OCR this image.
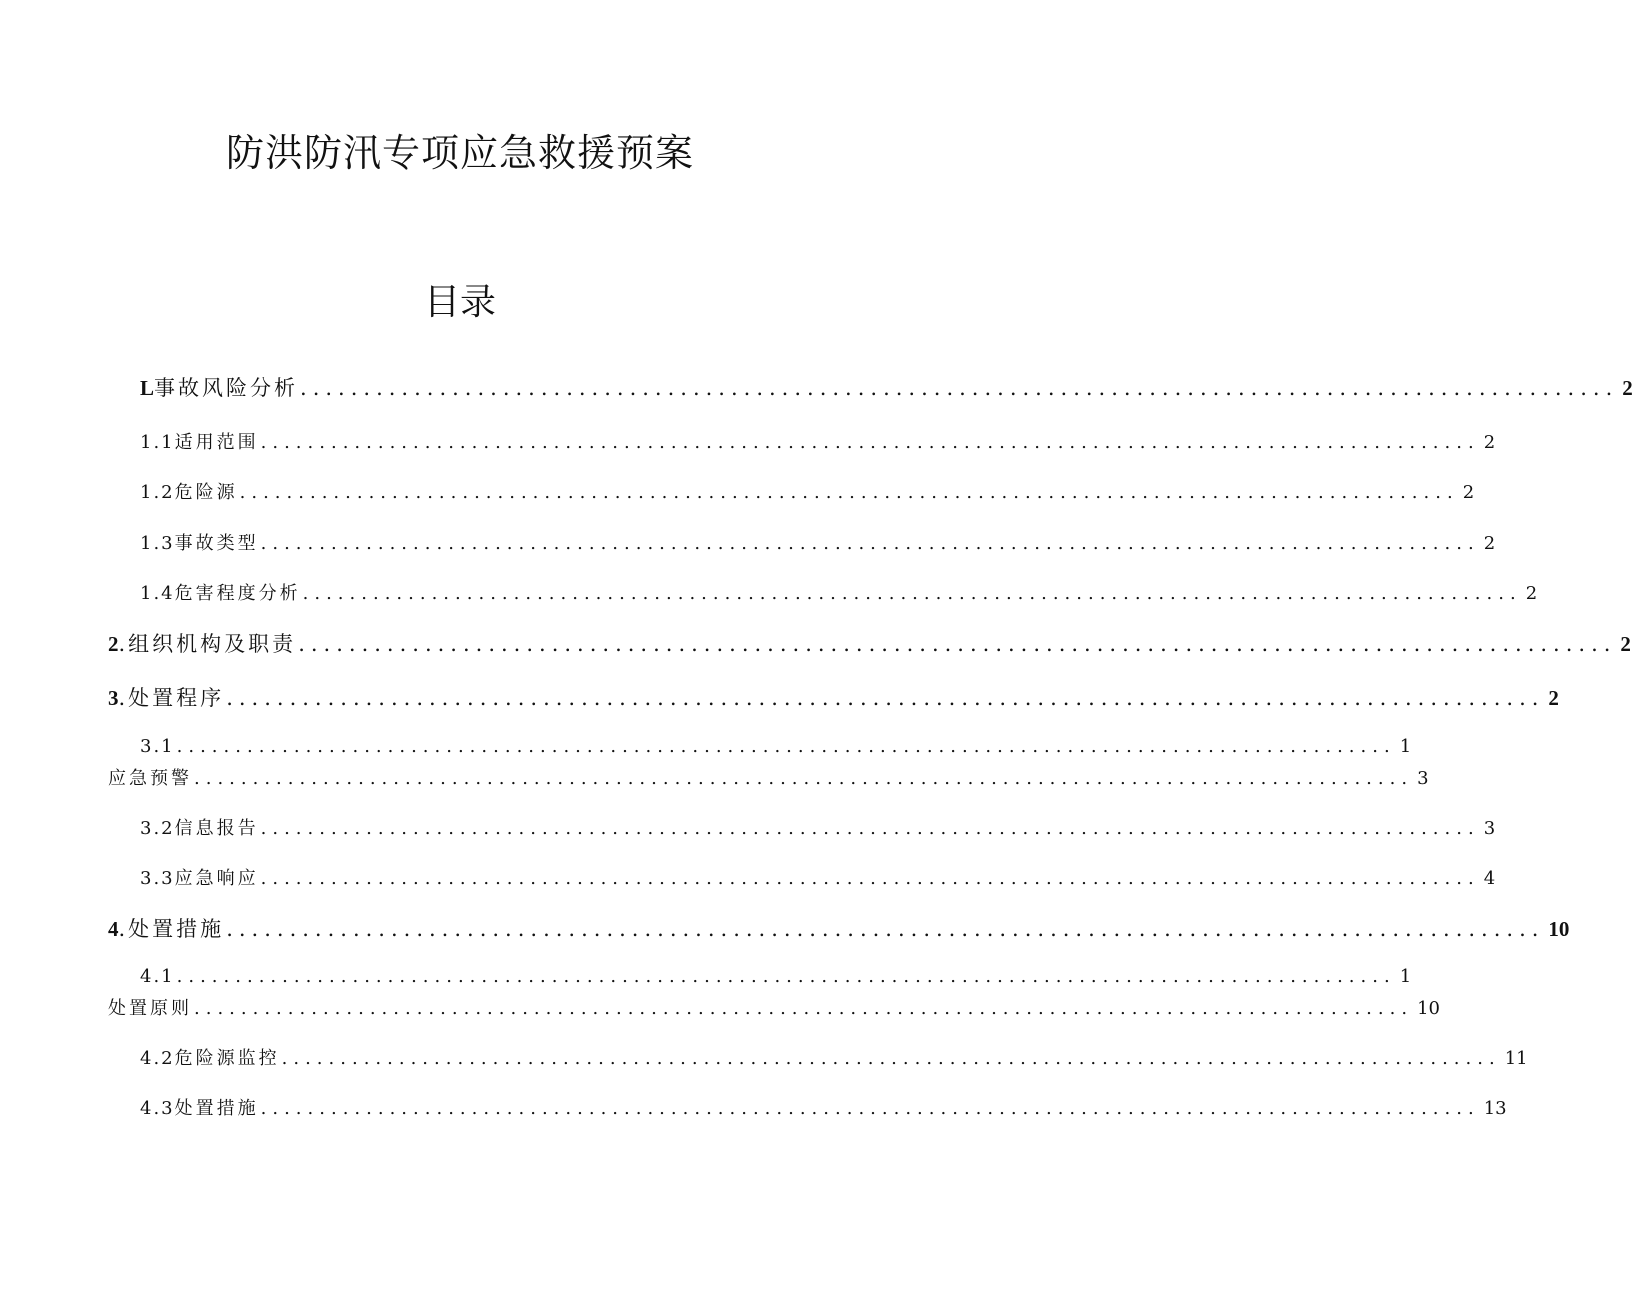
防洪防汛专项应急救援预案
目录
L 事故风险分析 ........................................................................................................ 2
1.1 适用范围 ........................................................................................................ 2
1.2 危险源 ........................................................................................................ 2
1.3 事故类型 ........................................................................................................ 2
1.4 危害程度分析 ........................................................................................................ 2
2 .组织机构及职责 ........................................................................................................ 2
3 .处置程序 ........................................................................................................ 2
3.1 ........................................................................................................ 1
应急预警 ........................................................................................................ 3
3.2 信息报告 ........................................................................................................ 3
3.3 应急响应 ........................................................................................................ 4
4 .处置措施 ........................................................................................................ 10
4.1 ........................................................................................................ 1
处置原则 ........................................................................................................ 10
4.2 危险源监控 ........................................................................................................ 11
4.3 处置措施 ........................................................................................................ 13
